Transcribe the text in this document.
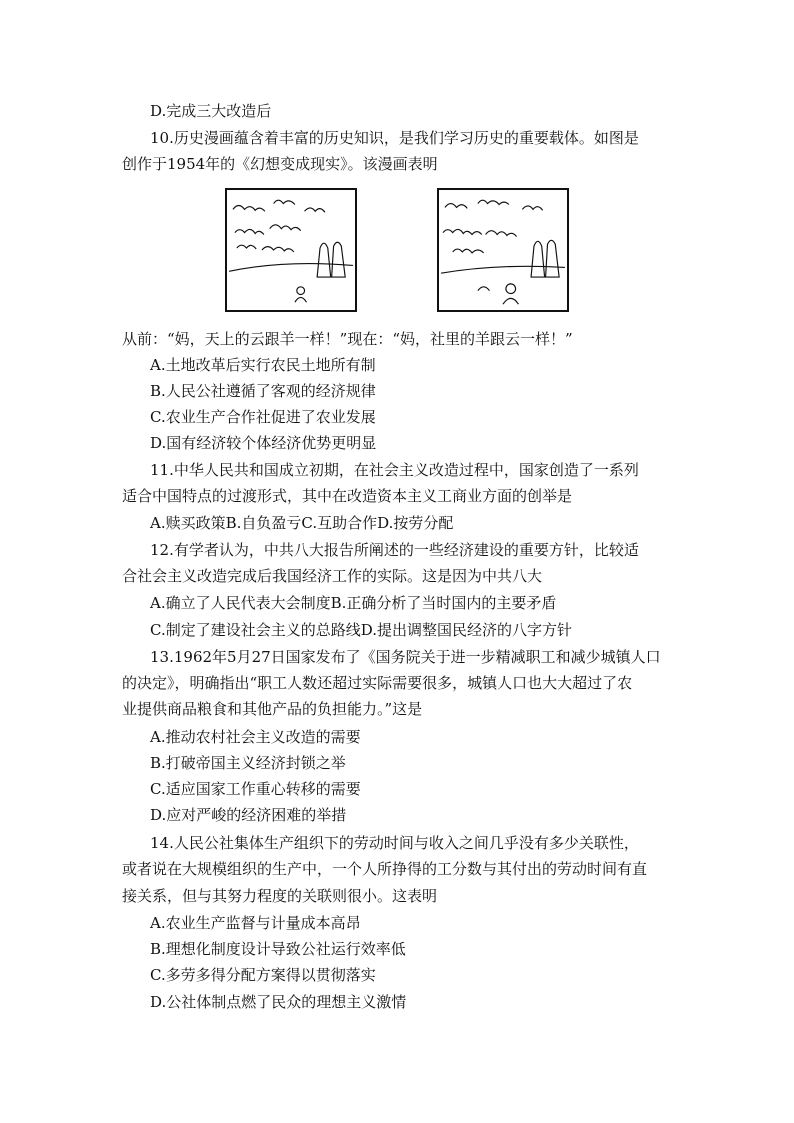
D.完成三大改造后
10.历史漫画蕴含着丰富的历史知识，是我们学习历史的重要载体。如图是
创作于1954年的《幻想变成现实》。该漫画表明
从前：“妈，天上的云跟羊一样！”现在：“妈，社里的羊跟云一样！”
A.土地改革后实行农民土地所有制
B.人民公社遵循了客观的经济规律
C.农业生产合作社促进了农业发展
D.国有经济较个体经济优势更明显
11.中华人民共和国成立初期，在社会主义改造过程中，国家创造了一系列
适合中国特点的过渡形式，其中在改造资本主义工商业方面的创举是
A.赎买政策B.自负盈亏C.互助合作D.按劳分配
12.有学者认为，中共八大报告所阐述的一些经济建设的重要方针，比较适
合社会主义改造完成后我国经济工作的实际。这是因为中共八大
A.确立了人民代表大会制度B.正确分析了当时国内的主要矛盾
C.制定了建设社会主义的总路线D.提出调整国民经济的八字方针
13.1962年5月27日国家发布了《国务院关于进一步精减职工和减少城镇人口
的决定》，明确指出“职工人数还超过实际需要很多，城镇人口也大大超过了农
业提供商品粮食和其他产品的负担能力。”这是
A.推动农村社会主义改造的需要
B.打破帝国主义经济封锁之举
C.适应国家工作重心转移的需要
D.应对严峻的经济困难的举措
14.人民公社集体生产组织下的劳动时间与收入之间几乎没有多少关联性，
或者说在大规模组织的生产中，一个人所挣得的工分数与其付出的劳动时间有直
接关系，但与其努力程度的关联则很小。这表明
A.农业生产监督与计量成本高昂
B.理想化制度设计导致公社运行效率低
C.多劳多得分配方案得以贯彻落实
D.公社体制点燃了民众的理想主义激情
